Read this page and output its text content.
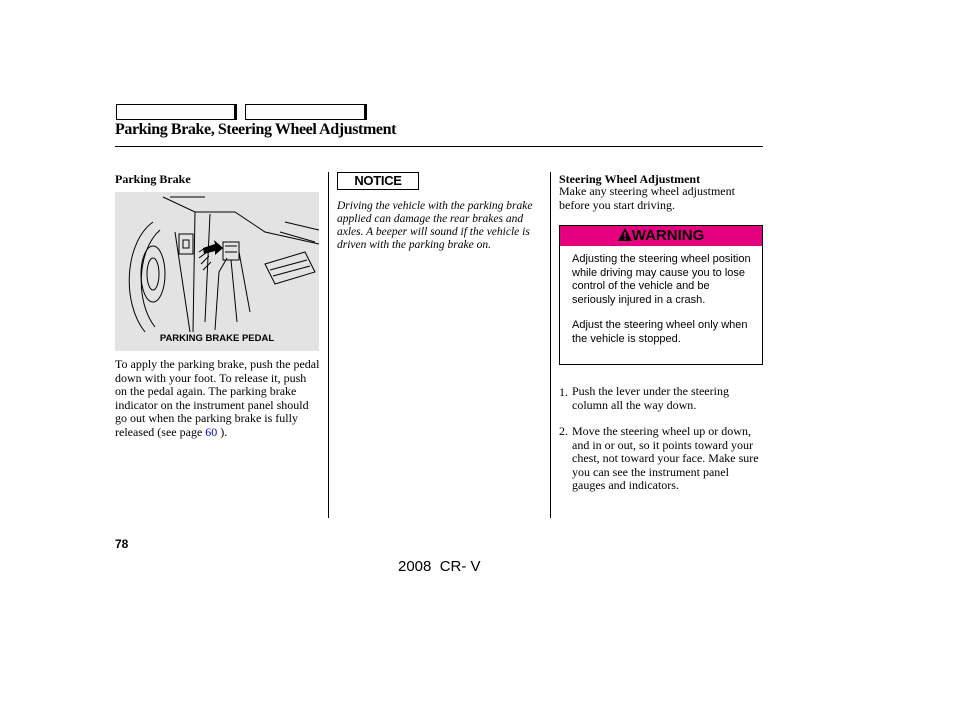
Parking Brake, Steering Wheel Adjustment
Parking Brake
PARKING BRAKE PEDAL
To apply the parking brake, push the pedal down with your foot. To release it, push on the pedal again. The parking brake indicator on the instrument panel should go out when the parking brake is fully released (see page 60 ).
NOTICE
Driving the vehicle with the parking brake applied can damage the rear brakes and axles. A beeper will sound if the vehicle is driven with the parking brake on.
Steering Wheel Adjustment
Make any steering wheel adjustment before you start driving.
WARNING

Adjusting the steering wheel position while driving may cause you to lose control of the vehicle and be seriously injured in a crash.

Adjust the steering wheel only when the vehicle is stopped.

1. Push the lever under the steering column all the way down.
2. Move the steering wheel up or down, and in or out, so it points toward your chest, not toward your face. Make sure you can see the instrument panel gauges and indicators.
78
2008  CR- V
